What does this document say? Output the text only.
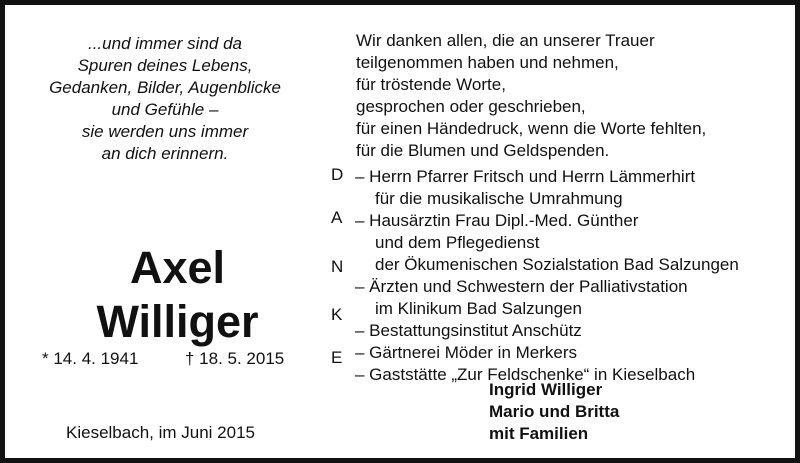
...und immer sind da
Spuren deines Lebens,
Gedanken, Bilder, Augenblicke
und Gefühle –
sie werden uns immer
an dich erinnern.
Axel
Williger
* 14. 4. 1941	† 18. 5. 2015
Kieselbach, im Juni 2015
Wir danken allen, die an unserer Trauer
teilgenommen haben und nehmen,
für tröstende Worte,
gesprochen oder geschrieben,
für einen Händedruck, wenn die Worte fehlten,
für die Blumen und Geldspenden.
D
A
N
K
E
– Herrn Pfarrer Fritsch und Herrn Lämmerhirt
für die musikalische Umrahmung
– Hausärztin Frau Dipl.-Med. Günther
und dem Pflegedienst
der Ökumenischen Sozialstation Bad Salzungen
– Ärzten und Schwestern der Palliativstation
im Klinikum Bad Salzungen
– Bestattungsinstitut Anschütz
– Gärtnerei Möder in Merkers
– Gaststätte „Zur Feldschenke“ in Kieselbach
Ingrid Williger
Mario und Britta
mit Familien
